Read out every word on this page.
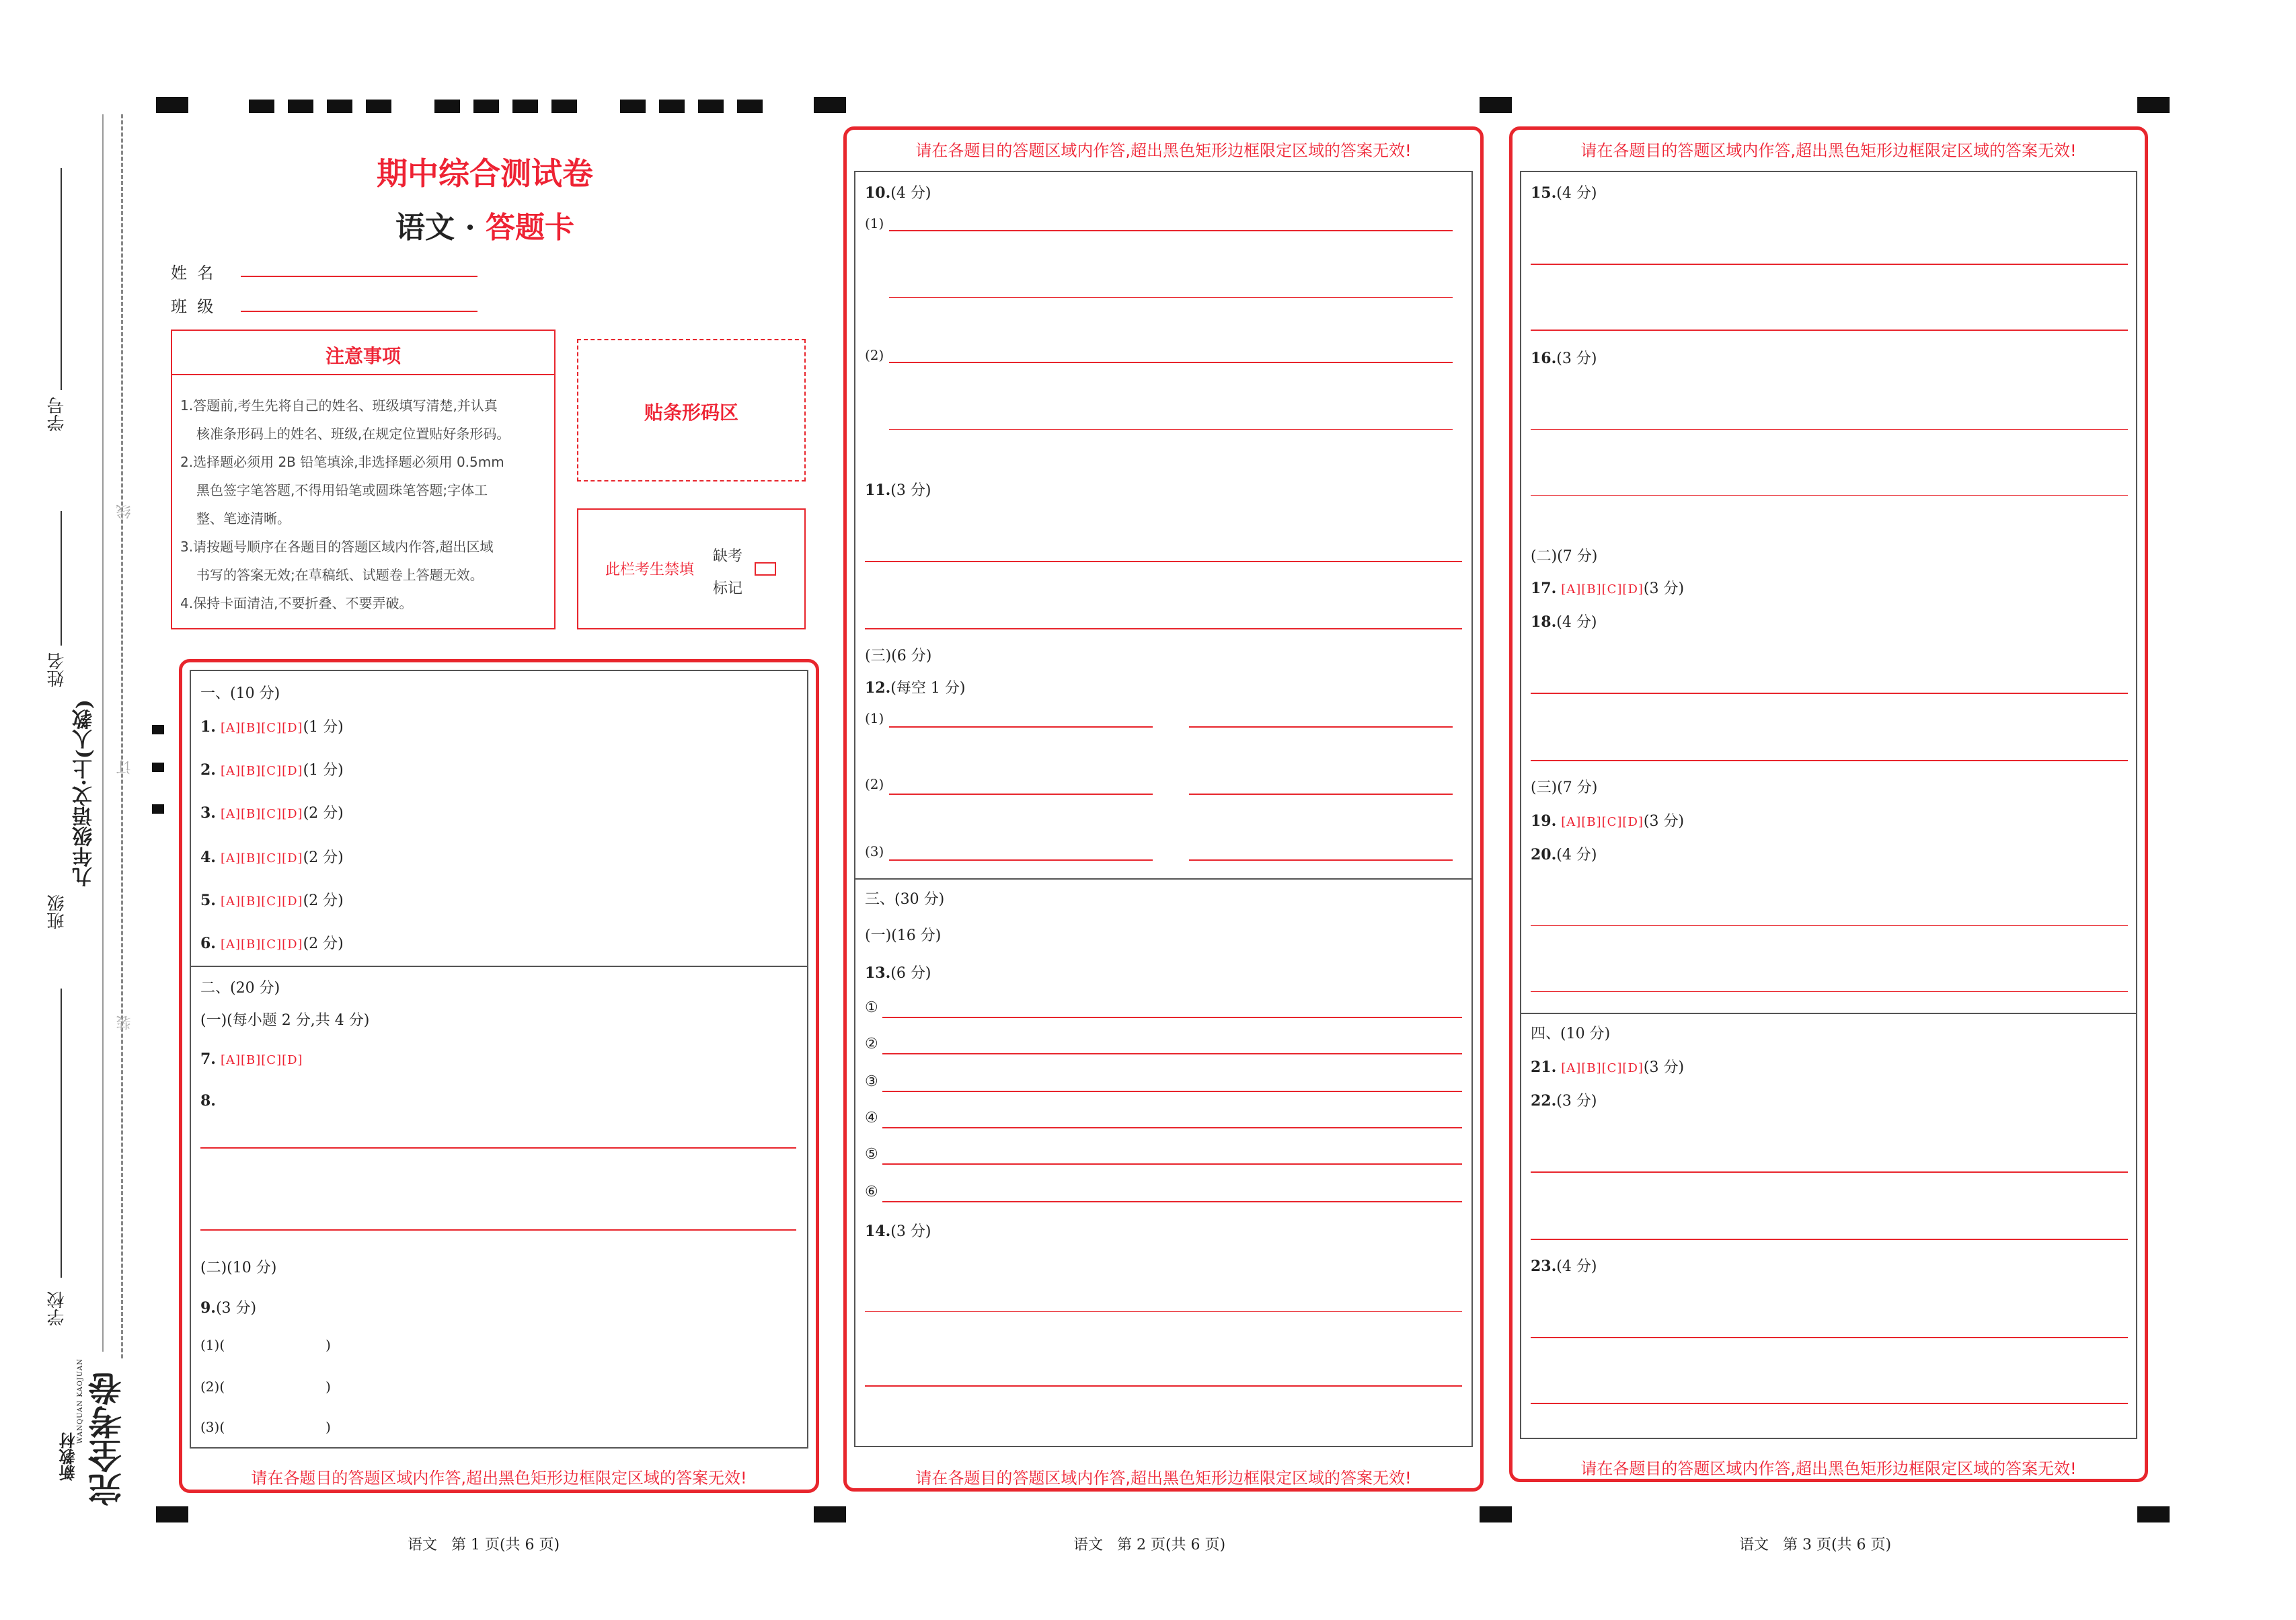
学号
姓名
班级
学校
九年级语文·上(人教)
线
订
装
新教材
WANQUAN KAOJUAN 完全考卷
期中综合测试卷
语文 · 答题卡
姓  名
班  级
注意事项
1.答题前,考生先将自己的姓名、班级填写清楚,并认真
核准条形码上的姓名、班级,在规定位置贴好条形码。
2.选择题必须用 2B 铅笔填涂,非选择题必须用 0.5mm
黑色签字笔答题,不得用铅笔或圆珠笔答题;字体工
整、笔迹清晰。
3.请按题号顺序在各题目的答题区域内作答,超出区域
书写的答案无效;在草稿纸、试题卷上答题无效。
4.保持卡面清洁,不要折叠、不要弄破。
贴条形码区
此栏考生禁填
缺考
标记
请在各题目的答题区域内作答,超出黑色矩形边框限定区域的答案无效!
一、(10 分)
1. [A][B][C][D](1 分)
2. [A][B][C][D](1 分)
3. [A][B][C][D](2 分)
4. [A][B][C][D](2 分)
5. [A][B][C][D](2 分)
6. [A][B][C][D](2 分)
二、(20 分)
(一)(每小题 2 分,共 4 分)
7. [A][B][C][D]
8.
(二)(10 分)
9.(3 分)
(1)(	)
(2)(	)
(3)(	)
请在各题目的答题区域内作答,超出黑色矩形边框限定区域的答案无效!
请在各题目的答题区域内作答,超出黑色矩形边框限定区域的答案无效!
10.(4 分)
(1)
(2)
11.(3 分)
(三)(6 分)
12.(每空 1 分)
(1)
(2)
(3)
三、(30 分)
(一)(16 分)
13.(6 分)
①
②
③
④
⑤
⑥
14.(3 分)
请在各题目的答题区域内作答,超出黑色矩形边框限定区域的答案无效!
请在各题目的答题区域内作答,超出黑色矩形边框限定区域的答案无效!
15.(4 分)
16.(3 分)
(二)(7 分)
17. [A][B][C][D](3 分)
18.(4 分)
(三)(7 分)
19. [A][B][C][D](3 分)
20.(4 分)
四、(10 分)
21. [A][B][C][D](3 分)
22.(3 分)
23.(4 分)
语文   第 1 页(共 6 页)	语文   第 2 页(共 6 页)	语文   第 3 页(共 6 页)
